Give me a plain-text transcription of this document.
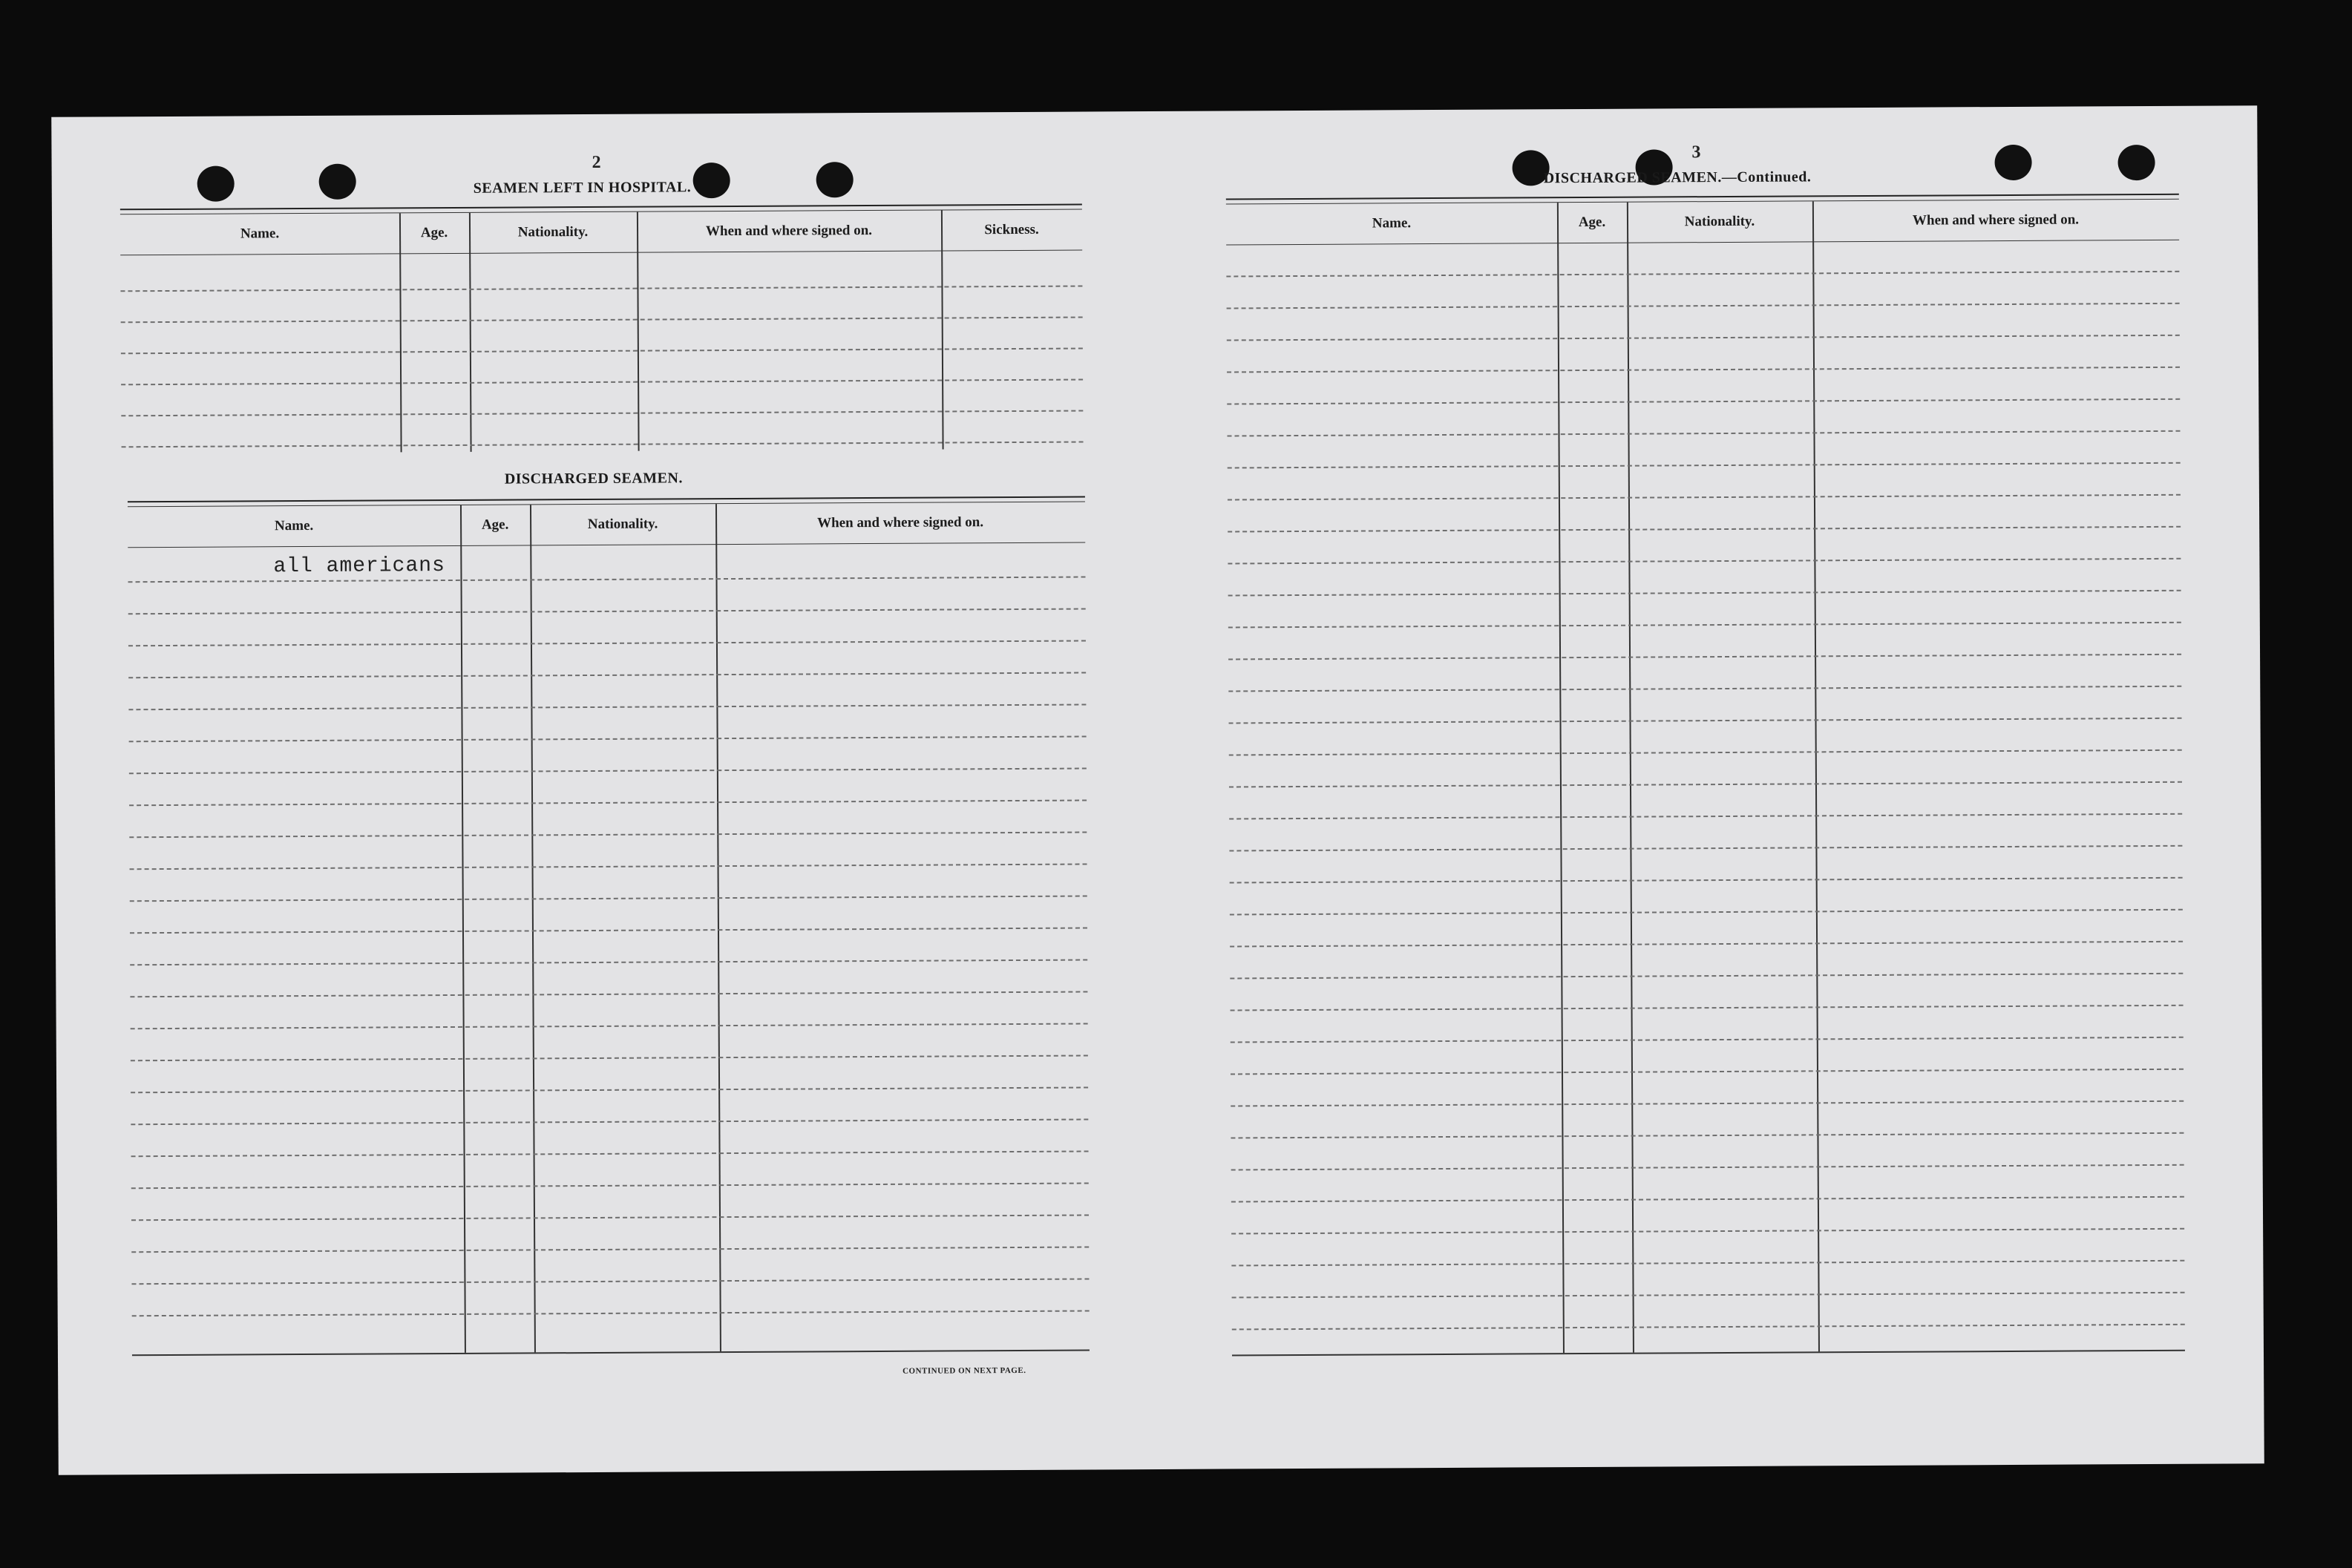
2
SEAMEN LEFT IN HOSPITAL.
Name.	Age.	Nationality.	When and where signed on.	Sickness.
DISCHARGED SEAMEN.
Name.	Age.	Nationality.	When and where signed on.
all americans
CONTINUED ON NEXT PAGE.
3
DISCHARGED SEAMEN.—Continued.
Name.	Age.	Nationality.	When and where signed on.
